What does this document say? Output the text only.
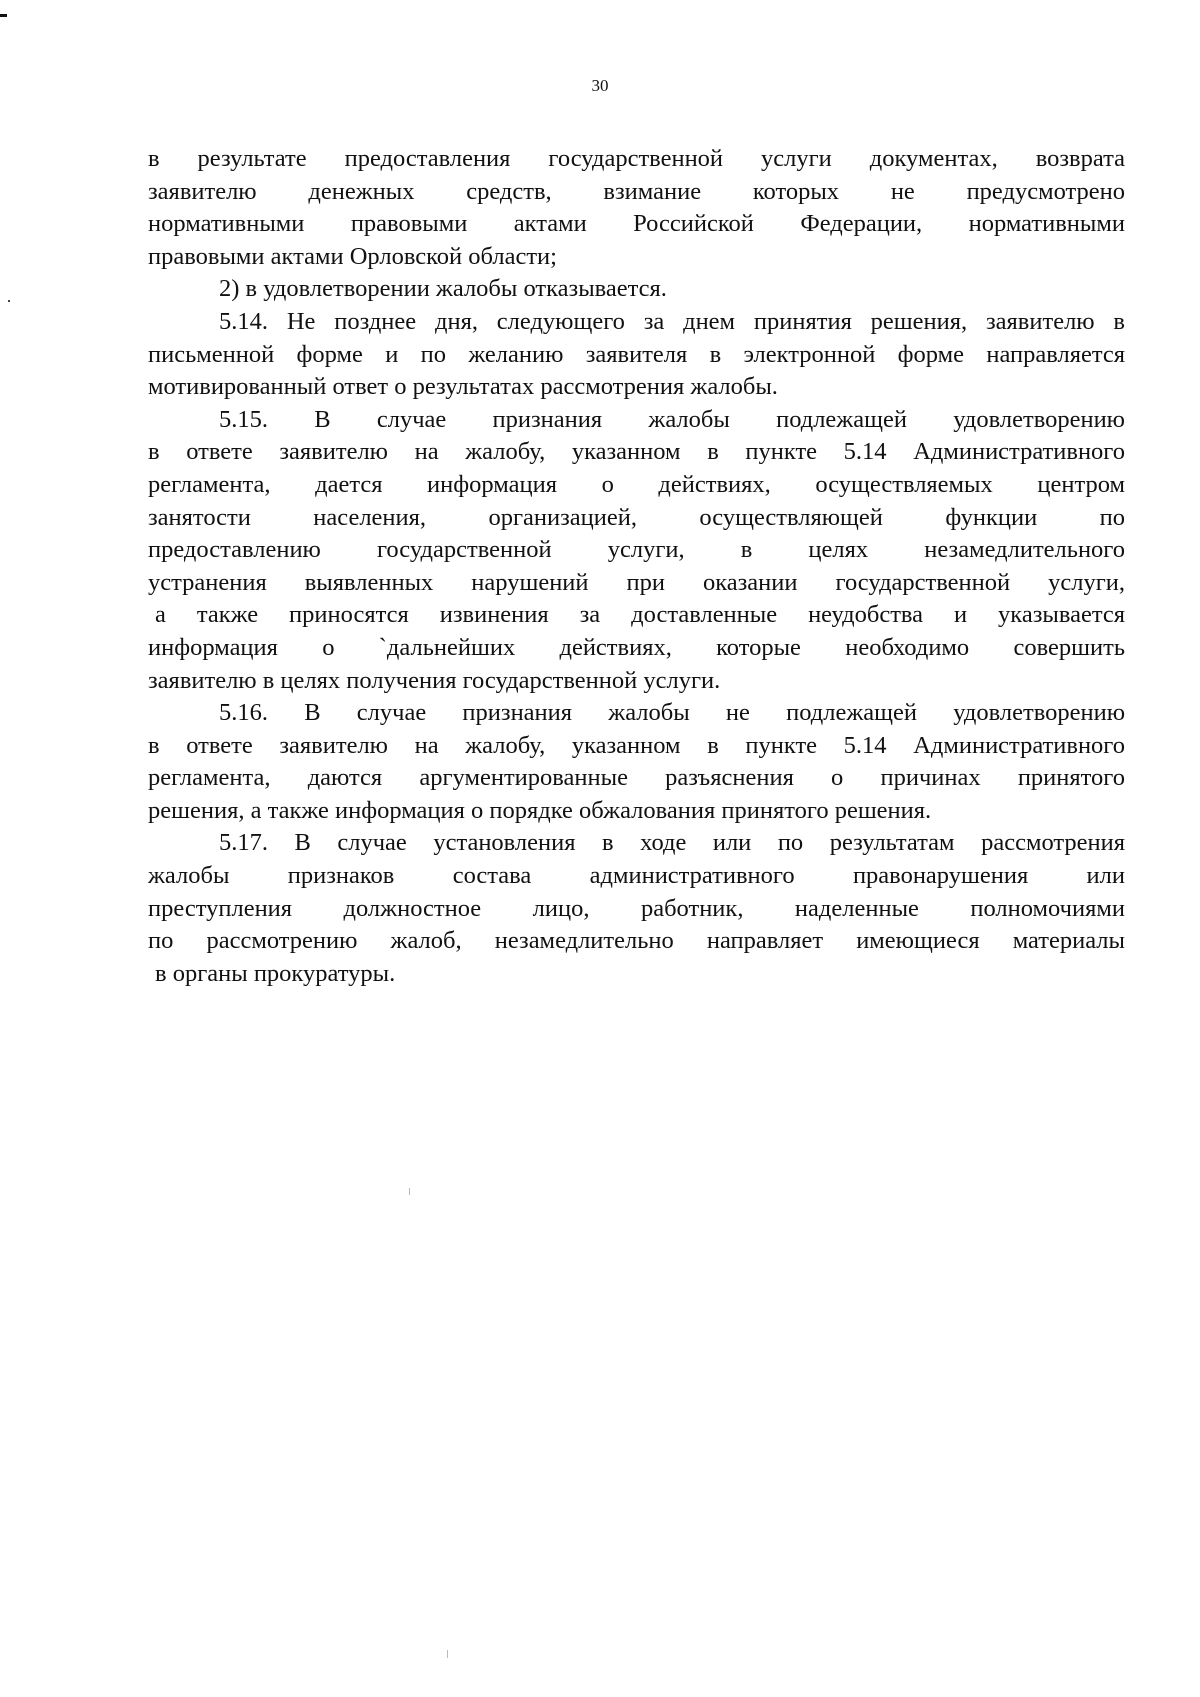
30
в результате предоставления государственной услуги документах, возврата
заявителю денежных средств, взимание которых не предусмотрено
нормативными правовыми актами Российской Федерации, нормативными
правовыми актами Орловской области;
2) в удовлетворении жалобы отказывается.
5.14. Не позднее дня, следующего за днем принятия решения, заявителю в
письменной форме и по желанию заявителя в электронной форме направляется
мотивированный ответ о результатах рассмотрения жалобы.
5.15. В случае признания жалобы подлежащей удовлетворению
в ответе заявителю на жалобу, указанном в пункте 5.14 Административного
регламента, дается информация о действиях, осуществляемых центром
занятости населения, организацией, осуществляющей функции по
предоставлению государственной услуги, в целях незамедлительного
устранения выявленных нарушений при оказании государственной услуги,
а также приносятся извинения за доставленные неудобства и указывается
информация о `дальнейших действиях, которые необходимо совершить
заявителю в целях получения государственной услуги.
5.16. В случае признания жалобы не подлежащей удовлетворению
в ответе заявителю на жалобу, указанном в пункте 5.14 Административного
регламента, даются аргументированные разъяснения о причинах принятого
решения, а также информация о порядке обжалования принятого решения.
5.17. В случае установления в ходе или по результатам рассмотрения
жалобы признаков состава административного правонарушения или
преступления должностное лицо, работник, наделенные полномочиями
по рассмотрению жалоб, незамедлительно направляет имеющиеся материалы
в органы прокуратуры.
